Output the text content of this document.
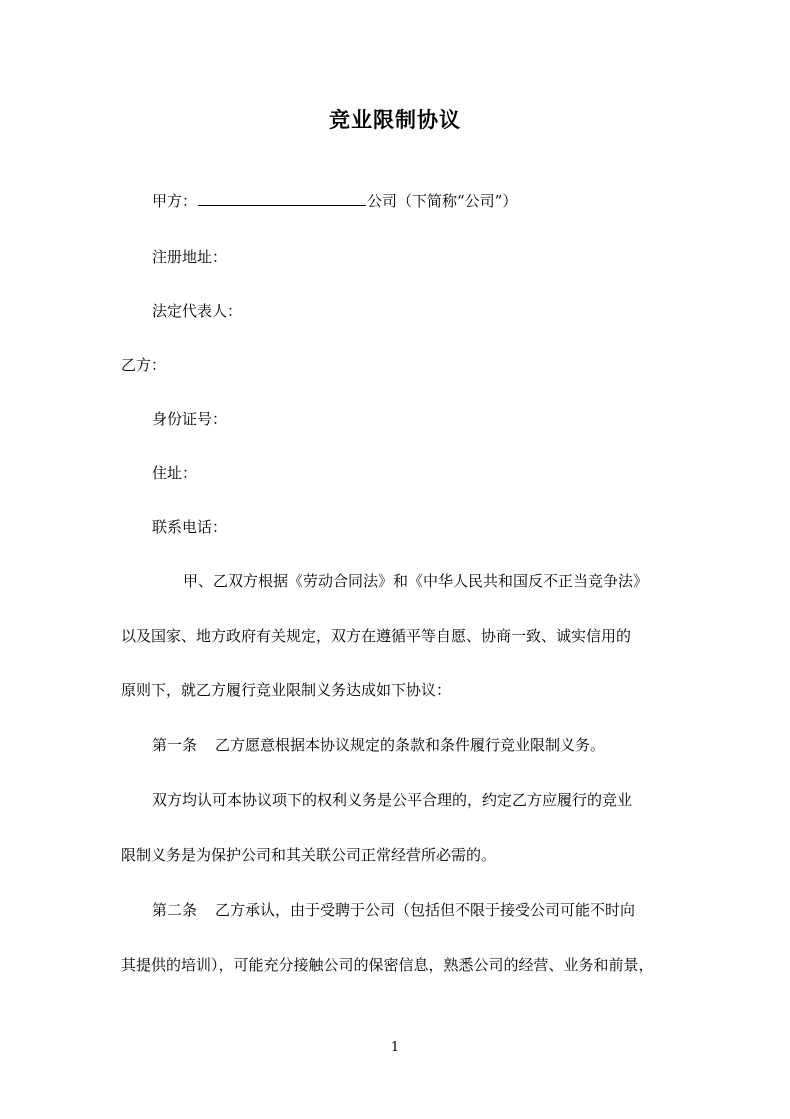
竞业限制协议
甲方：	公司（下简称“公司”）
注册地址：
法定代表人：
乙方：
身份证号：
住址：
联系电话：
甲、乙双方根据《劳动合同法》和《中华人民共和国反不正当竞争法》
以及国家、地方政府有关规定，双方在遵循平等自愿、协商一致、诚实信用的
原则下，就乙方履行竞业限制义务达成如下协议：
第一条 乙方愿意根据本协议规定的条款和条件履行竞业限制义务。
双方均认可本协议项下的权利义务是公平合理的，约定乙方应履行的竞业
限制义务是为保护公司和其关联公司正常经营所必需的。
第二条 乙方承认，由于受聘于公司（包括但不限于接受公司可能不时向
其提供的培训），可能充分接触公司的保密信息，熟悉公司的经营、业务和前景，
1
